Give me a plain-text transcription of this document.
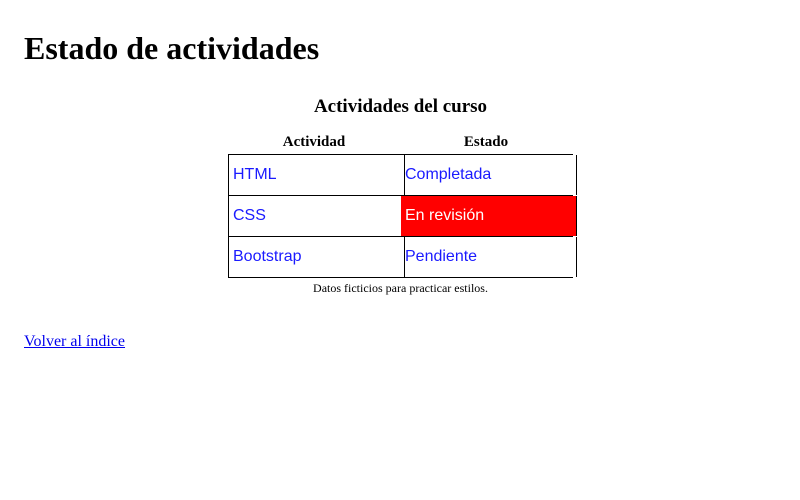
Estado de actividades
Actividades del curso
Actividad	Estado
HTML	Completada
CSS	En revisión
Bootstrap	Pendiente
Datos ficticios para practicar estilos.
Volver al índice
